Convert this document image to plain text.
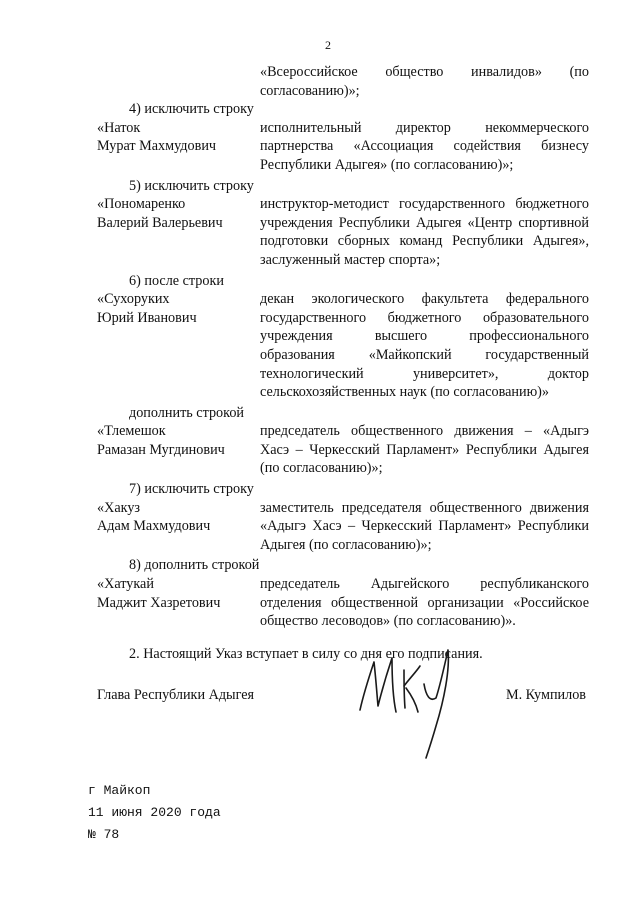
2
«Всероссийское общество инвалидов» (по согласованию)»;
4) исключить строку
«Наток
Мурат Махмудович
исполнительный директор некоммерческого партнерства «Ассоциация содействия бизнесу Республики Адыгея» (по согласованию)»;
5) исключить строку
«Пономаренко
Валерий Валерьевич
инструктор-методист государственного бюджетного учреждения Республики Адыгея «Центр спортивной подготовки сборных команд Республики Адыгея», заслуженный мастер спорта»;
6) после строки
«Сухоруких
Юрий Иванович
декан экологического факультета федерального государственного бюджетного образовательного учреждения высшего профессионального образования «Майкопский государственный технологический университет», доктор сельскохозяйственных наук (по согласованию)»
дополнить строкой
«Тлемешок
Рамазан Мугдинович
председатель общественного движения – «Адыгэ Хасэ – Черкесский Парламент» Республики Адыгея (по согласованию)»;
7) исключить строку
«Хакуз
Адам Махмудович
заместитель председателя общественного движения «Адыгэ Хасэ – Черкесский Парламент» Республики Адыгея (по согласованию)»;
8) дополнить строкой
«Хатукай
Маджит Хазретович
председатель Адыгейского республиканского отделения общественной организации «Российское общество лесоводов» (по согласованию)».
2. Настоящий Указ вступает в силу со дня его подписания.
Глава Республики Адыгея	М. Кумпилов
г Майкоп
11 июня 2020 года
№ 78
